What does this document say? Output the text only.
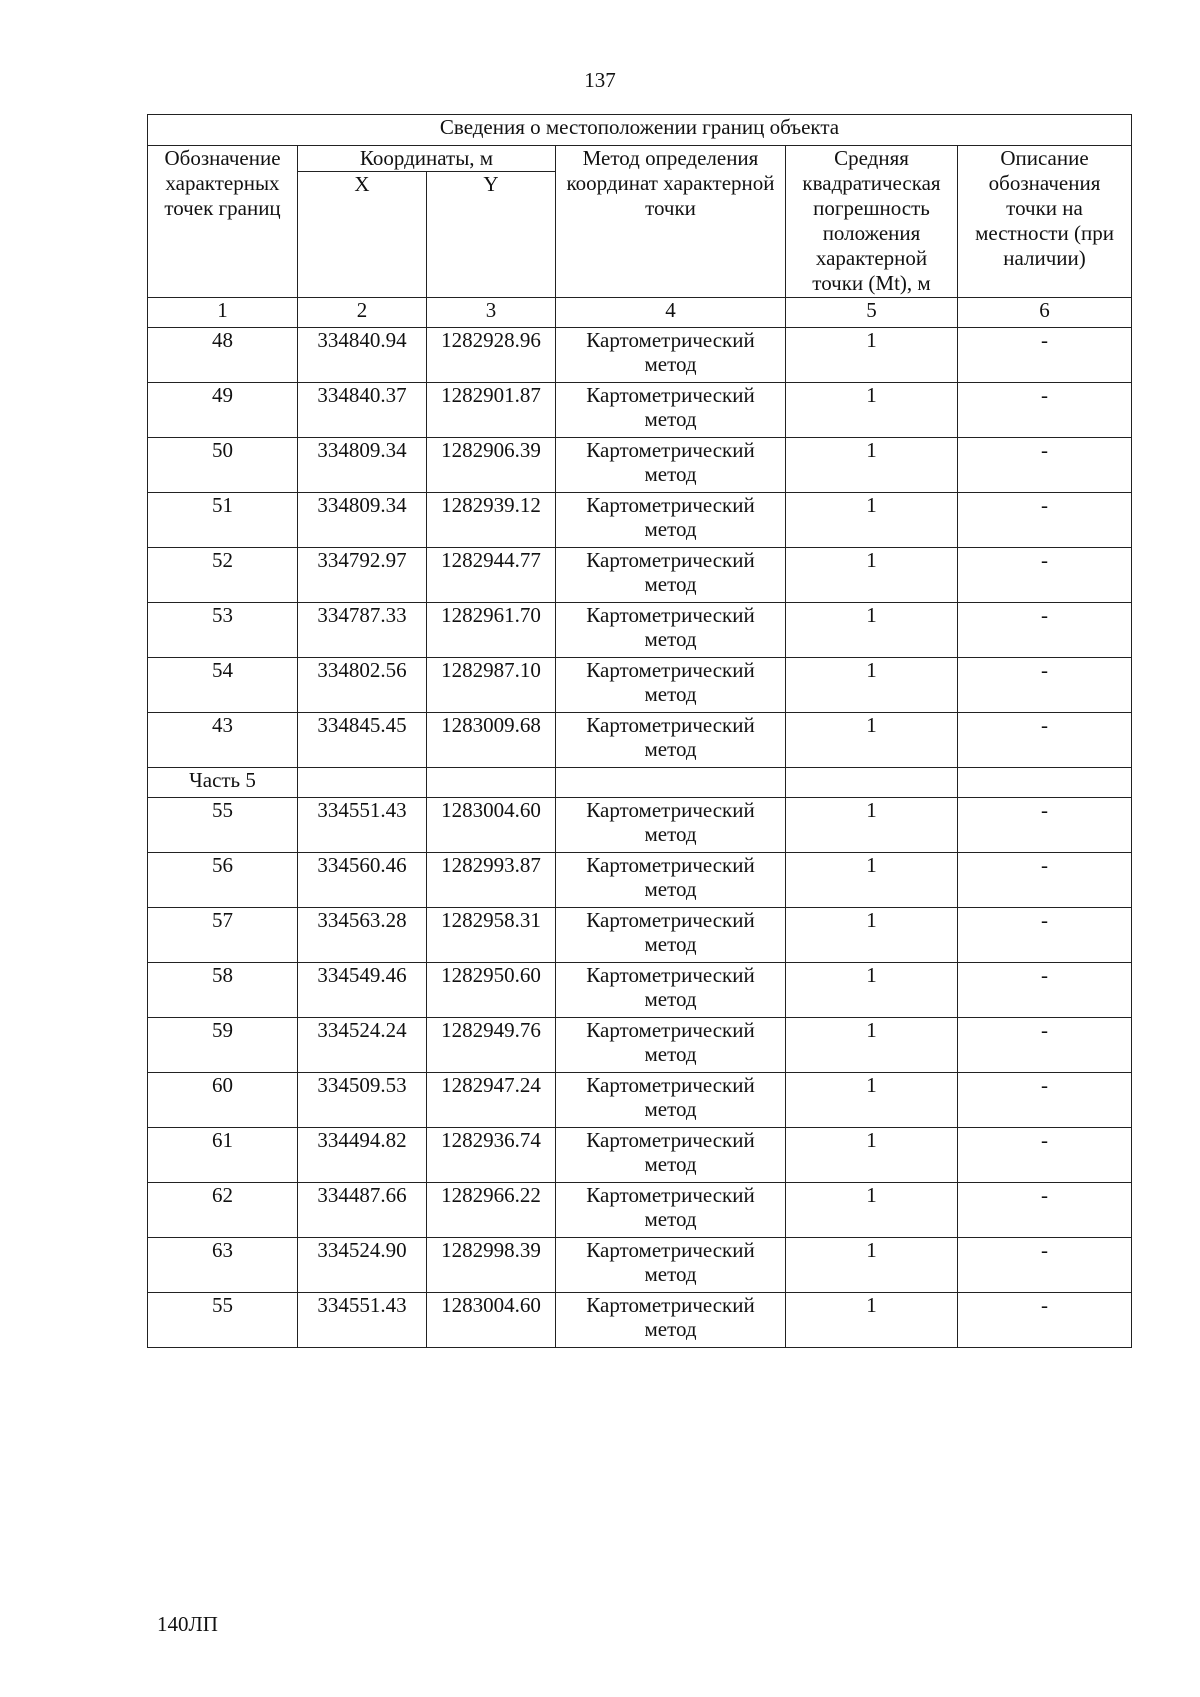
137
Сведения о местоположении границ объекта					
Обозначение характерных точек границ	Координаты, м		Метод определения координат характерной точки	Средняя квадратическая погрешность положения характерной точки (Mt), м	Описание обозначения точки на местности (при наличии)
	X	Y			
1	2	3	4	5	6
48	334840.94	1282928.96	Картометрический метод	1	-
49	334840.37	1282901.87	Картометрический метод	1	-
50	334809.34	1282906.39	Картометрический метод	1	-
51	334809.34	1282939.12	Картометрический метод	1	-
52	334792.97	1282944.77	Картометрический метод	1	-
53	334787.33	1282961.70	Картометрический метод	1	-
54	334802.56	1282987.10	Картометрический метод	1	-
43	334845.45	1283009.68	Картометрический метод	1	-
Часть 5					
55	334551.43	1283004.60	Картометрический метод	1	-
56	334560.46	1282993.87	Картометрический метод	1	-
57	334563.28	1282958.31	Картометрический метод	1	-
58	334549.46	1282950.60	Картометрический метод	1	-
59	334524.24	1282949.76	Картометрический метод	1	-
60	334509.53	1282947.24	Картометрический метод	1	-
61	334494.82	1282936.74	Картометрический метод	1	-
62	334487.66	1282966.22	Картометрический метод	1	-
63	334524.90	1282998.39	Картометрический метод	1	-
55	334551.43	1283004.60	Картометрический метод	1	-
140ЛП
